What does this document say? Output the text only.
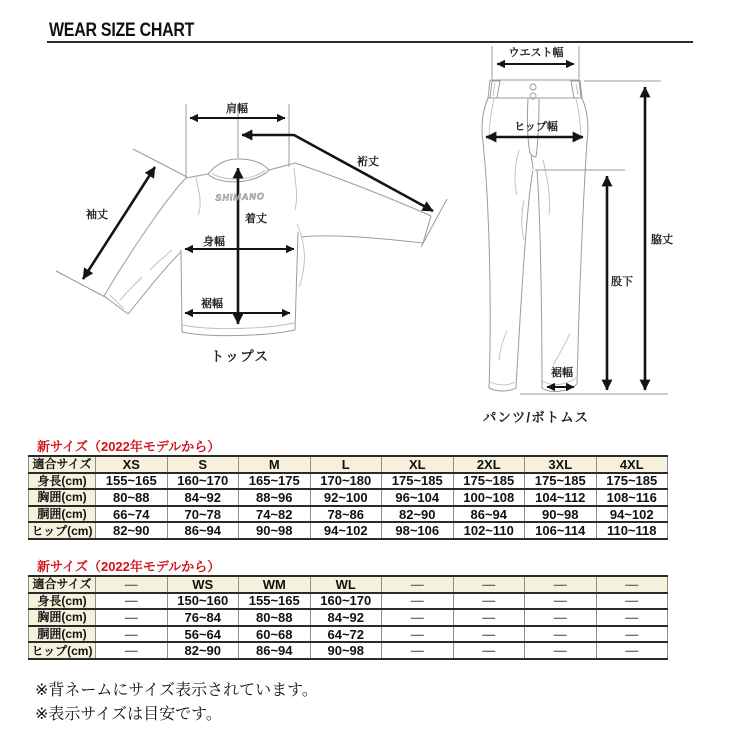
WEAR SIZE CHART
肩幅
裄丈
袖丈	着丈
身幅
裾幅
SHIMANO
トップス
ウエスト幅
ヒップ幅
脇丈
股下
裾幅
パンツ/ボトムス
新サイズ（2022年モデルから）
適合サイズ	XS	S	M	L	XL	2XL	3XL	4XL
身長(cm)	155~165	160~170	165~175	170~180	175~185	175~185	175~185	175~185
胸囲(cm)	80~88	84~92	88~96	92~100	96~104	100~108	104~112	108~116
胴囲(cm)	66~74	70~78	74~82	78~86	82~90	86~94	90~98	94~102
ヒップ(cm)	82~90	86~94	90~98	94~102	98~106	102~110	106~114	110~118
新サイズ（2022年モデルから）
適合サイズ	—	WS	WM	WL	—	—	—	—
身長(cm)	—	150~160	155~165	160~170	—	—	—	—
胸囲(cm)	—	76~84	80~88	84~92	—	—	—	—
胴囲(cm)	—	56~64	60~68	64~72	—	—	—	—
ヒップ(cm)	—	82~90	86~94	90~98	—	—	—	—
※背ネームにサイズ表示されています。
※表示サイズは目安です。
